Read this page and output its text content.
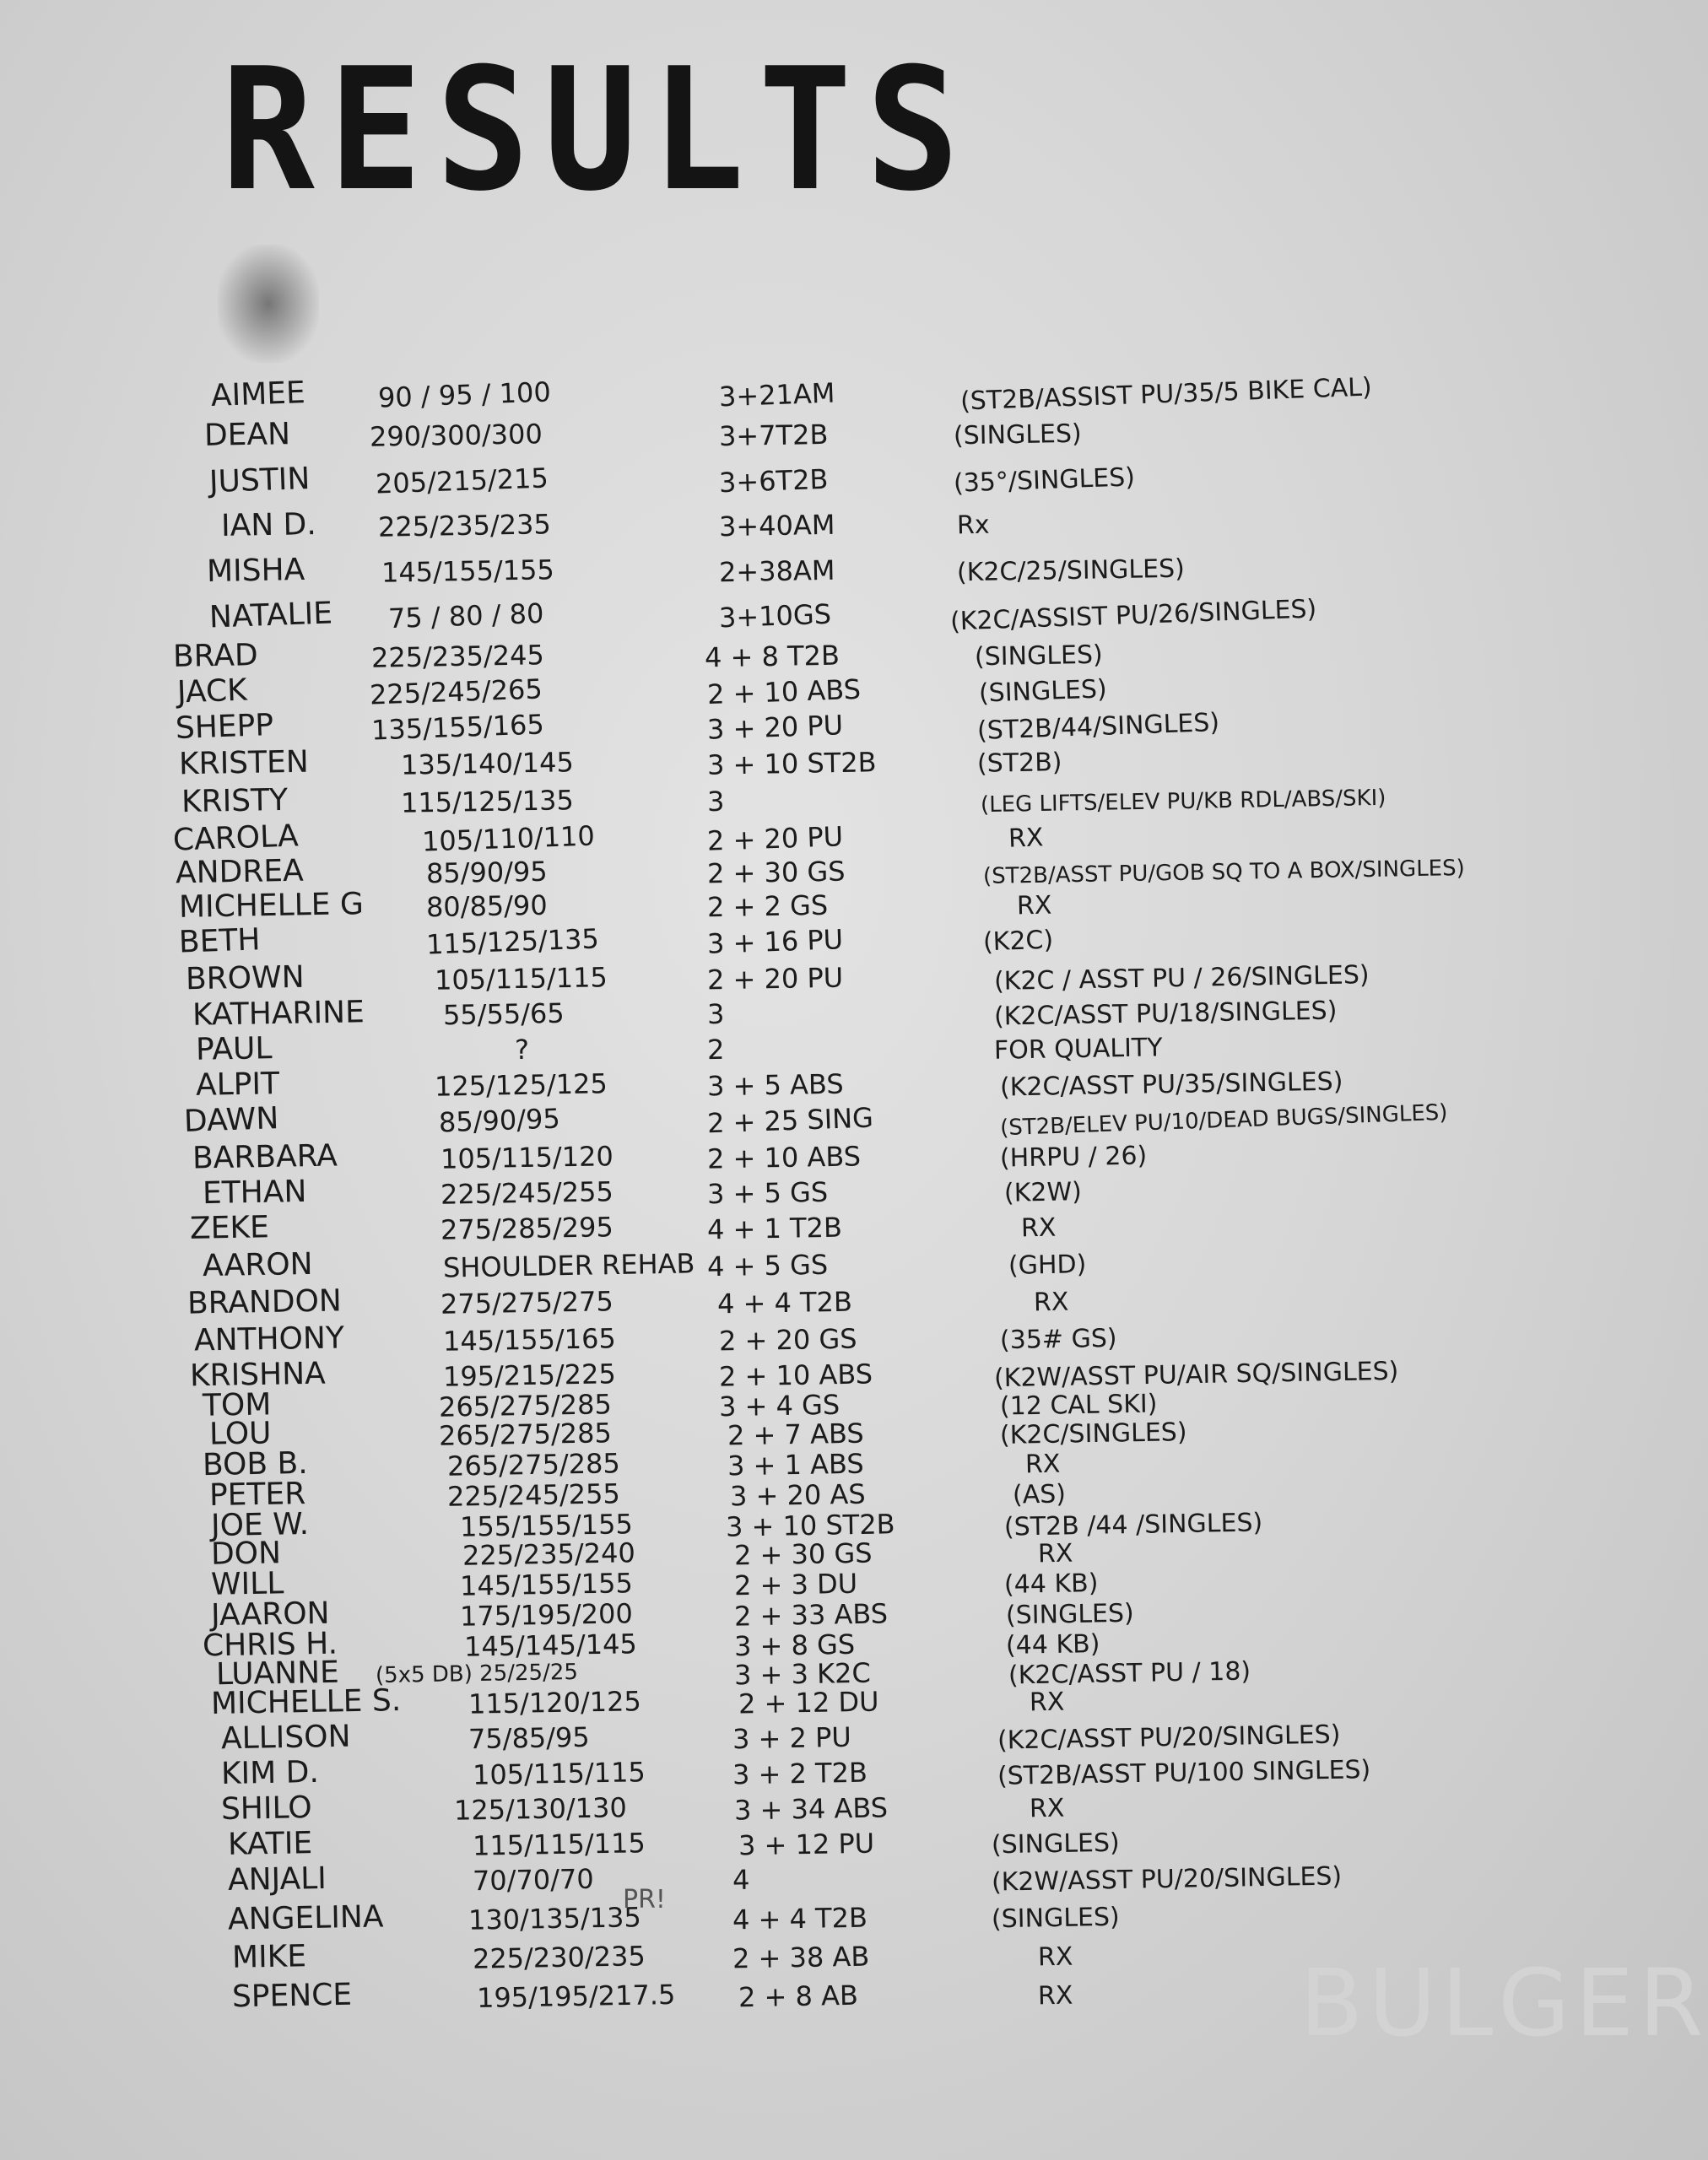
RESULTS
BULGER
AIMEE	90 / 95 / 100	3+21AM	(ST2B/ASSIST PU/35/5 BIKE CAL)
DEAN	290/300/300	3+7T2B	(SINGLES)
JUSTIN 205/215/215	3+6T2B	(35°/SINGLES)
IAN D. 225/235/235	3+40AM	Rx
MISHA	145/155/155	2+38AM	(K2C/25/SINGLES)
NATALIE 75 / 80 / 80	3+10GS	(K2C/ASSIST PU/26/SINGLES)
BRAD	225/235/245	4 + 8 T2B	(SINGLES)
JACK	225/245/265	2 + 10 ABS	(SINGLES)
SHEPP	135/155/165	3 + 20 PU	(ST2B/44/SINGLES)
KRISTEN	135/140/145	3 + 10 ST2B	(ST2B)
KRISTY	115/125/135	3	(LEG LIFTS/ELEV PU/KB RDL/ABS/SKI)
CAROLA	105/110/110	2 + 20 PU	RX
ANDREA	85/90/95	2 + 30 GS	(ST2B/ASST PU/GOB SQ TO A BOX/SINGLES)
MICHELLE G 80/85/90	2 + 2 GS	RX
BETH	115/125/135	3 + 16 PU	(K2C)
BROWN	105/115/115	2 + 20 PU	(K2C / ASST PU / 26/SINGLES)
KATHARINE	55/55/65	3	(K2C/ASST PU/18/SINGLES)
PAUL	?	2	FOR QUALITY
ALPIT	125/125/125	3 + 5 ABS	(K2C/ASST PU/35/SINGLES)
DAWN	85/90/95	2 + 25 SING	(ST2B/ELEV PU/10/DEAD BUGS/SINGLES)
BARBARA	105/115/120	2 + 10 ABS	(HRPU / 26)
ETHAN	225/245/255	3 + 5 GS	(K2W)
ZEKE	275/285/295	4 + 1 T2B	RX
AARON	SHOULDER REHAB 4 + 5 GS	(GHD)
BRANDON	275/275/275	4 + 4 T2B	RX
ANTHONY	145/155/165	2 + 20 GS	(35# GS)
KRISHNA	195/215/225	2 + 10 ABS	(K2W/ASST PU/AIR SQ/SINGLES)
TOM	265/275/285	3 + 4 GS	(12 CAL SKI)
LOU	265/275/285	2 + 7 ABS	(K2C/SINGLES)
BOB B.	265/275/285	3 + 1 ABS	RX
PETER	225/245/255	3 + 20 AS	(AS)
JOE W.	155/155/155	3 + 10 ST2B	(ST2B /44 /SINGLES)
DON	225/235/240	2 + 30 GS	RX
WILL	145/155/155	2 + 3 DU	(44 KB)
JAARON	175/195/200	2 + 33 ABS	(SINGLES)
CHRIS H.	145/145/145	3 + 8 GS	(44 KB)
LUANNE (5x5 DB) 25/25/25	3 + 3 K2C	(K2C/ASST PU / 18)
MICHELLE S. 115/120/125	2 + 12 DU	RX
ALLISON	75/85/95	3 + 2 PU	(K2C/ASST PU/20/SINGLES)
KIM D.	105/115/115	3 + 2 T2B	(ST2B/ASST PU/100 SINGLES)
SHILO	125/130/130	3 + 34 ABS	RX
KATIE	115/115/115	3 + 12 PU	(SINGLES)
ANJALI	70/70/70	4	(K2W/ASST PU/20/SINGLES)
ANGELINA	130/135/135	4 + 4 T2B	(SINGLES)
PR!
MIKE	225/230/235	2 + 38 AB	RX
SPENCE	195/195/217.5 2 + 8 AB	RX
